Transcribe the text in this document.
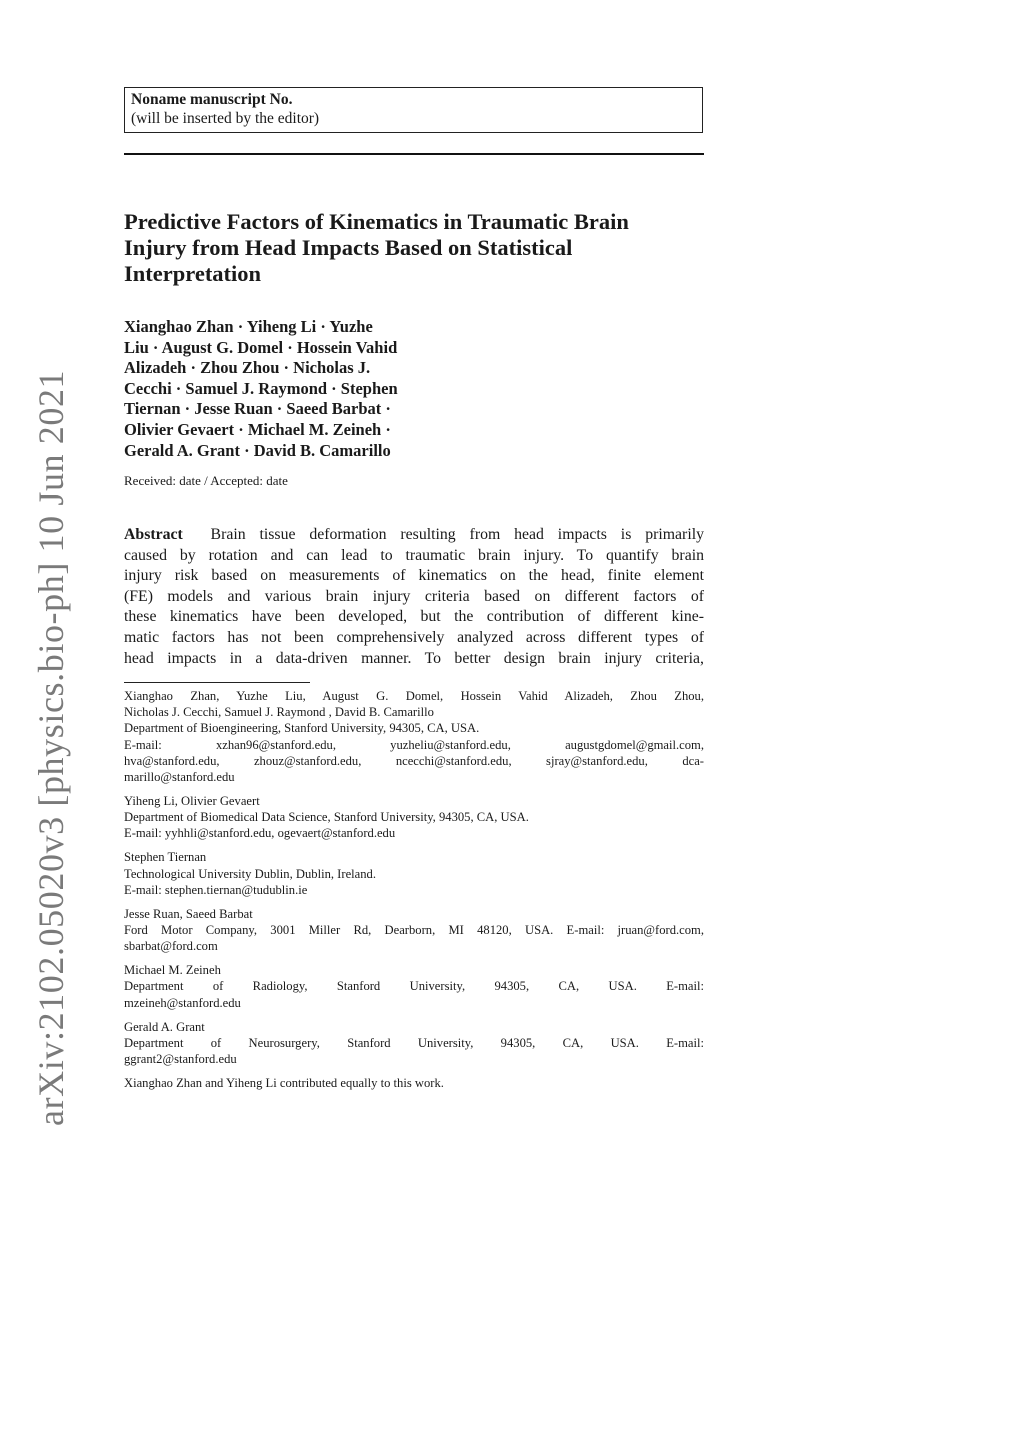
Noname manuscript No.
(will be inserted by the editor)
Predictive Factors of Kinematics in Traumatic Brain
Injury from Head Impacts Based on Statistical
Interpretation
Xianghao Zhan · Yiheng Li · Yuzhe
Liu · August G. Domel · Hossein Vahid
Alizadeh · Zhou Zhou · Nicholas J.
Cecchi · Samuel J. Raymond · Stephen
Tiernan · Jesse Ruan · Saeed Barbat ·
Olivier Gevaert · Michael M. Zeineh ·
Gerald A. Grant · David B. Camarillo
Received: date / Accepted: date
Abstract Brain tissue deformation resulting from head impacts is primarily
caused by rotation and can lead to traumatic brain injury. To quantify brain
injury risk based on measurements of kinematics on the head, finite element
(FE) models and various brain injury criteria based on different factors of
these kinematics have been developed, but the contribution of different kine-
matic factors has not been comprehensively analyzed across different types of
head impacts in a data-driven manner. To better design brain injury criteria,
Xianghao Zhan, Yuzhe Liu, August G. Domel, Hossein Vahid Alizadeh, Zhou Zhou,
Nicholas J. Cecchi, Samuel J. Raymond , David B. Camarillo
Department of Bioengineering, Stanford University, 94305, CA, USA.
E-mail: xzhan96@stanford.edu, yuzheliu@stanford.edu, augustgdomel@gmail.com,
hva@stanford.edu, zhouz@stanford.edu, ncecchi@stanford.edu, sjray@stanford.edu, dca-
marillo@stanford.edu
Yiheng Li, Olivier Gevaert
Department of Biomedical Data Science, Stanford University, 94305, CA, USA.
E-mail: yyhhli@stanford.edu, ogevaert@stanford.edu
Stephen Tiernan
Technological University Dublin, Dublin, Ireland.
E-mail: stephen.tiernan@tudublin.ie
Jesse Ruan, Saeed Barbat
Ford Motor Company, 3001 Miller Rd, Dearborn, MI 48120, USA. E-mail: jruan@ford.com,
sbarbat@ford.com
Michael M. Zeineh
Department of Radiology, Stanford University, 94305, CA, USA. E-mail:
mzeineh@stanford.edu
Gerald A. Grant
Department of Neurosurgery, Stanford University, 94305, CA, USA. E-mail:
ggrant2@stanford.edu
Xianghao Zhan and Yiheng Li contributed equally to this work.
arXiv:2102.05020v3 [physics.bio-ph] 10 Jun 2021
